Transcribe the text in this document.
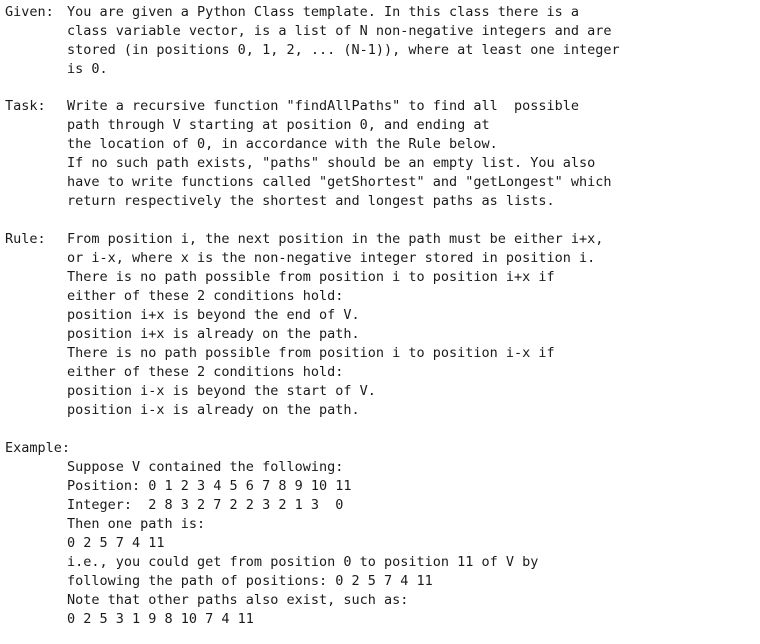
Given: You are given a Python Class template. In this class there is a
class variable vector, is a list of N non-negative integers and are
stored (in positions 0, 1, 2, ... (N-1)), where at least one integer
is 0.
Task: Write a recursive function "findAllPaths" to find all  possible
path through V starting at position 0, and ending at
the location of 0, in accordance with the Rule below.
If no such path exists, "paths" should be an empty list. You also
have to write functions called "getShortest" and "getLongest" which
return respectively the shortest and longest paths as lists.
Rule: From position i, the next position in the path must be either i+x,
or i-x, where x is the non-negative integer stored in position i.
There is no path possible from position i to position i+x if
either of these 2 conditions hold:
position i+x is beyond the end of V.
position i+x is already on the path.
There is no path possible from position i to position i-x if
either of these 2 conditions hold:
position i-x is beyond the start of V.
position i-x is already on the path.
Example:
Suppose V contained the following:
Position: 0 1 2 3 4 5 6 7 8 9 10 11
Integer:  2 8 3 2 7 2 2 3 2 1 3  0
Then one path is:
0 2 5 7 4 11
i.e., you could get from position 0 to position 11 of V by
following the path of positions: 0 2 5 7 4 11
Note that other paths also exist, such as:
0 2 5 3 1 9 8 10 7 4 11
